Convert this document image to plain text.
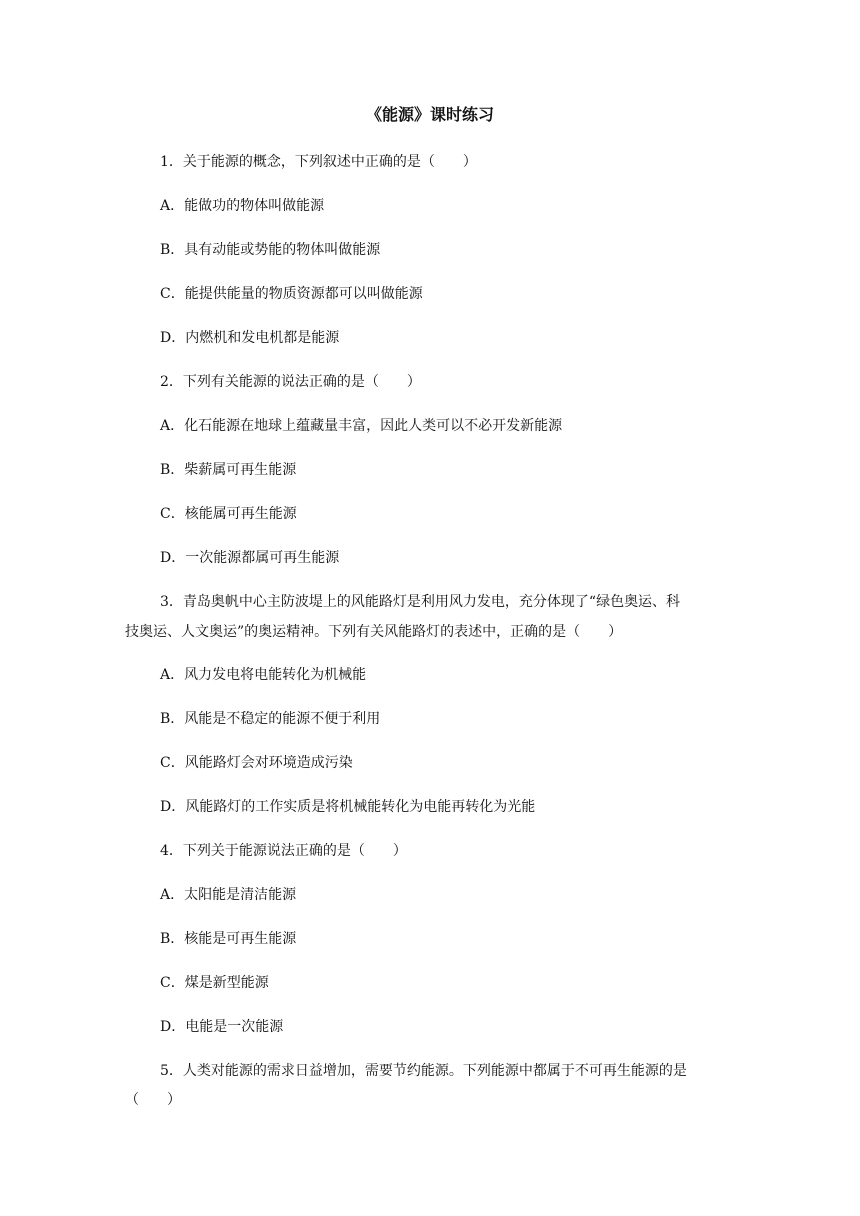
《能源》课时练习
1．关于能源的概念，下列叙述中正确的是（　　）
A．能做功的物体叫做能源
B．具有动能或势能的物体叫做能源
C．能提供能量的物质资源都可以叫做能源
D．内燃机和发电机都是能源
2．下列有关能源的说法正确的是（　　）
A．化石能源在地球上蕴藏量丰富，因此人类可以不必开发新能源
B．柴薪属可再生能源
C．核能属可再生能源
D．一次能源都属可再生能源
3．青岛奥帆中心主防波堤上的风能路灯是利用风力发电，充分体现了“绿色奥运、科
技奥运、人文奥运”的奥运精神。下列有关风能路灯的表述中，正确的是（　　）
A．风力发电将电能转化为机械能
B．风能是不稳定的能源不便于利用
C．风能路灯会对环境造成污染
D．风能路灯的工作实质是将机械能转化为电能再转化为光能
4．下列关于能源说法正确的是（　　）
A．太阳能是清洁能源
B．核能是可再生能源
C．煤是新型能源
D．电能是一次能源
5．人类对能源的需求日益增加，需要节约能源。下列能源中都属于不可再生能源的是
（　　）
